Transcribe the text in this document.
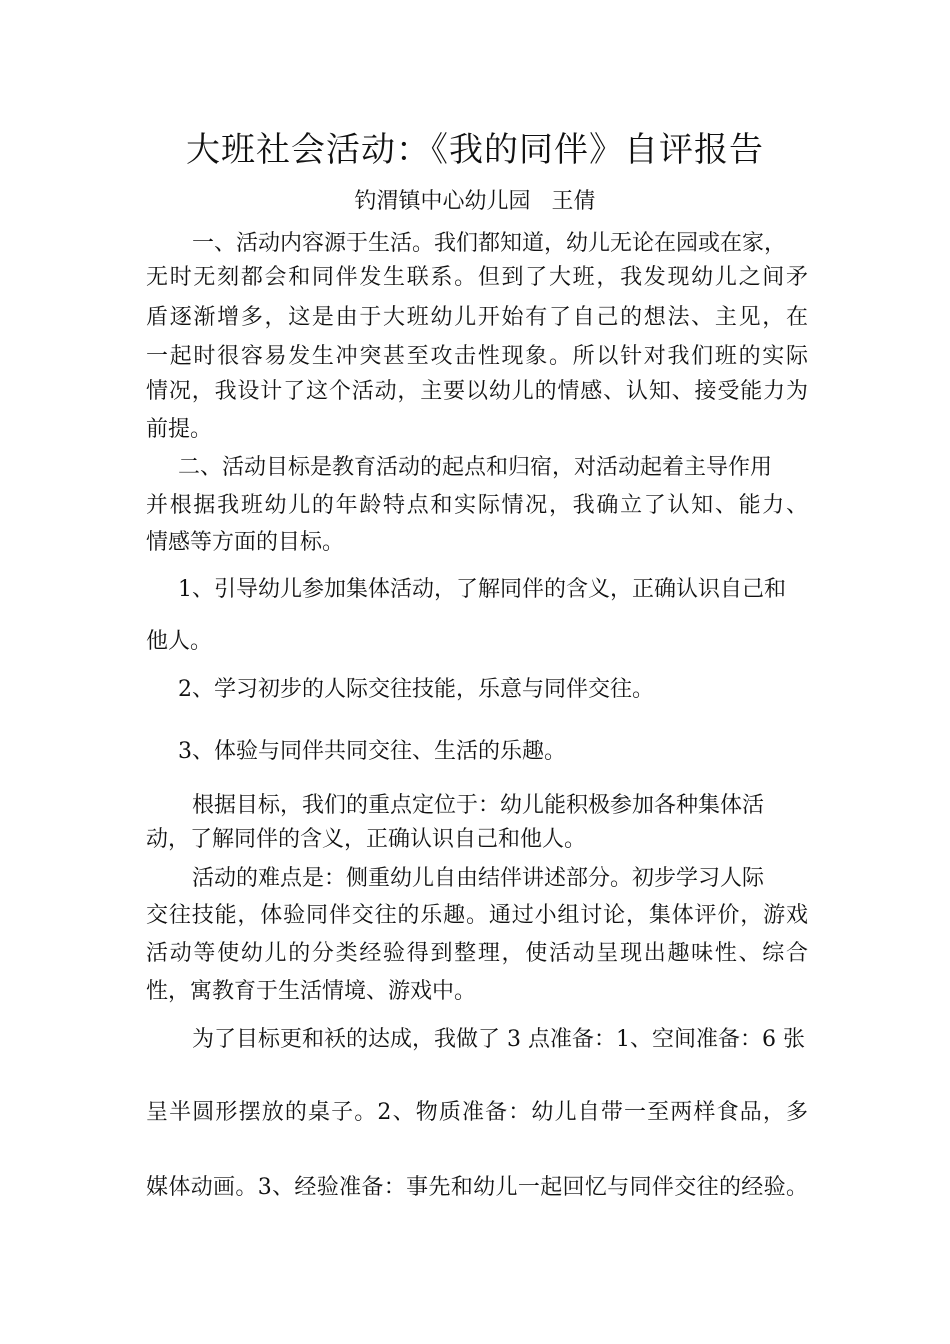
大班社会活动：《我的同伴》自评报告
钓渭镇中心幼儿园   王倩
一、活动内容源于生活。我们都知道，幼儿无论在园或在家，
无时无刻都会和同伴发生联系。但到了大班，我发现幼儿之间矛
盾逐渐增多，这是由于大班幼儿开始有了自己的想法、主见，在
一起时很容易发生冲突甚至攻击性现象。所以针对我们班的实际
情况，我设计了这个活动，主要以幼儿的情感、认知、接受能力为
前提。
二、活动目标是教育活动的起点和归宿，对活动起着主导作用
并根据我班幼儿的年龄特点和实际情况，我确立了认知、能力、
情感等方面的目标。
1、引导幼儿参加集体活动，了解同伴的含义，正确认识自己和
他人。
2、学习初步的人际交往技能，乐意与同伴交往。
3、体验与同伴共同交往、生活的乐趣。
根据目标，我们的重点定位于：幼儿能积极参加各种集体活
动，了解同伴的含义，正确认识自己和他人。
活动的难点是：侧重幼儿自由结伴讲述部分。初步学习人际
交往技能，体验同伴交往的乐趣。通过小组讨论，集体评价，游戏
活动等使幼儿的分类经验得到整理，使活动呈现出趣味性、综合
性，寓教育于生活情境、游戏中。
为了目标更和袄的达成，我做了 3 点准备：1、空间准备：6 张
呈半圆形摆放的桌子。2、物质准备：幼儿自带一至两样食品，多
媒体动画。3、经验准备：事先和幼儿一起回忆与同伴交往的经验。
